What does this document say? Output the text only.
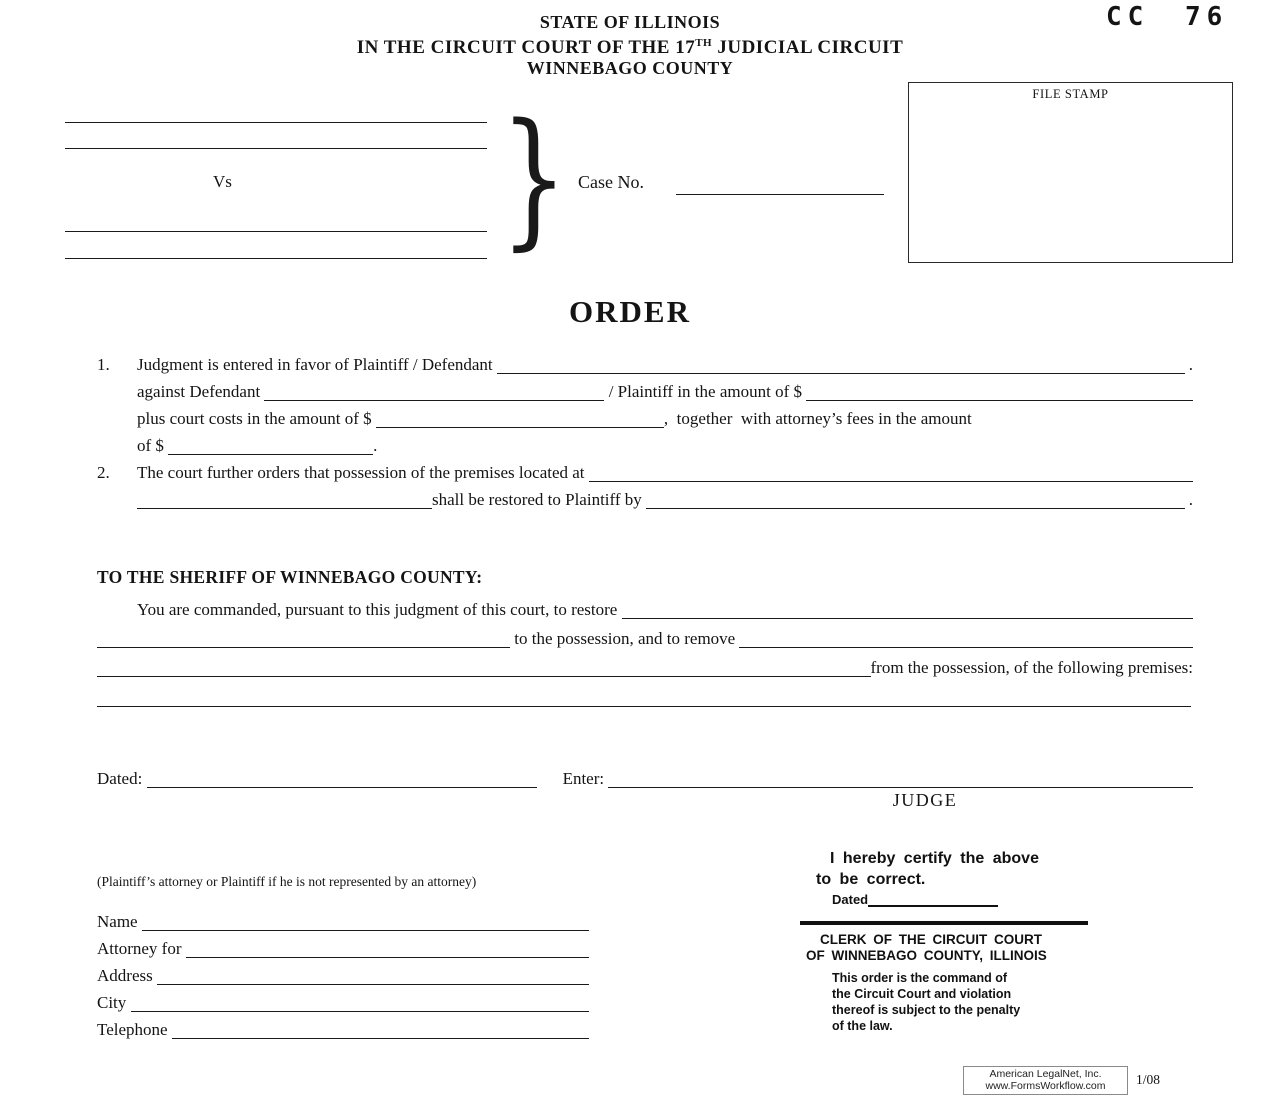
CC 76
STATE OF ILLINOIS
IN THE CIRCUIT COURT OF THE 17TH JUDICIAL CIRCUIT
WINNEBAGO COUNTY
Vs } Case No.
FILE STAMP
ORDER
1.	Judgment is entered in favor of Plaintiff / Defendant	.
against Defendant	/ Plaintiff in the amount of $
plus court costs in the amount of $	,  together  with attorney’s fees in the amount
of $	.
2.	The court further orders that possession of the premises located at
shall be restored to Plaintiff by	.
TO THE SHERIFF OF WINNEBAGO COUNTY:
You are commanded, pursuant to this judgment of this court, to restore
to the possession, and to remove
from the possession, of the following premises:
Dated:	Enter:
JUDGE
(Plaintiff’s attorney or Plaintiff if he is not represented by an attorney)
Name
Attorney for
Address
City
Telephone
I hereby certify the above
to be correct.
Dated
CLERK OF THE CIRCUIT COURT
OF WINNEBAGO COUNTY, ILLINOIS
This order is the command of
the Circuit Court and violation
thereof is subject to the penalty
of the law.
American LegalNet, Inc.
www.FormsWorkflow.com	1/08
